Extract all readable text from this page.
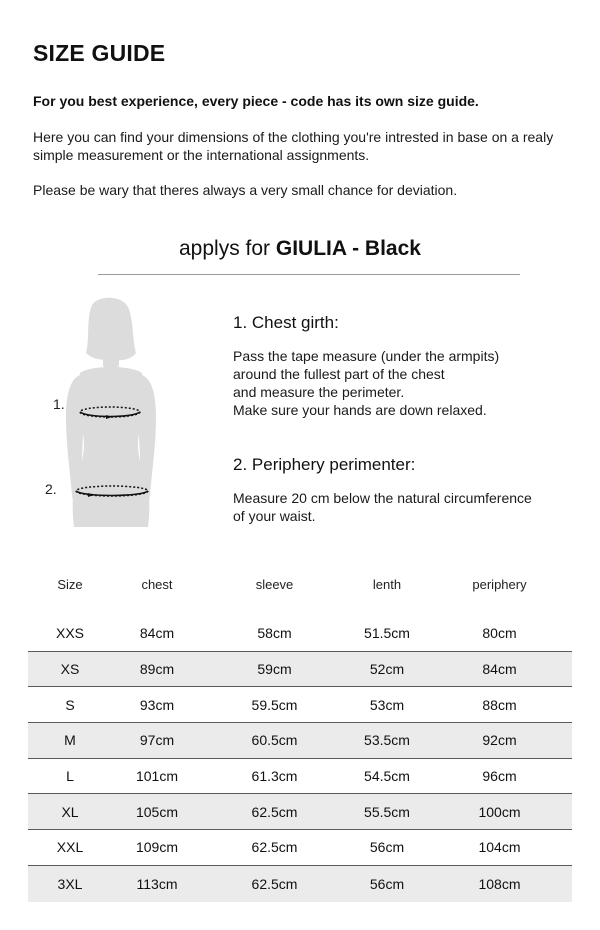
SIZE GUIDE
For you best experience, every piece - code has its own size guide.
Here you can find your dimensions of the clothing you're intrested in base on a realy simple measurement or the international assignments.
Please be wary that theres always a very small chance for deviation.
applys for GIULIA - Black
1.
2.
1. Chest girth:
Pass the tape measure (under the armpits)
around the fullest part of the chest
and measure the perimeter.
Make sure your hands are down relaxed.
2. Periphery perimenter:
Measure 20 cm below the natural circumference
of your waist.
Size	chest	sleeve	lenth	periphery
XXS	84cm	58cm	51.5cm	80cm
XS	89cm	59cm	52cm	84cm
S	93cm	59.5cm	53cm	88cm
M	97cm	60.5cm	53.5cm	92cm
L	101cm	61.3cm	54.5cm	96cm
XL	105cm	62.5cm	55.5cm	100cm
XXL	109cm	62.5cm	56cm	104cm
3XL	113cm	62.5cm	56cm	108cm
